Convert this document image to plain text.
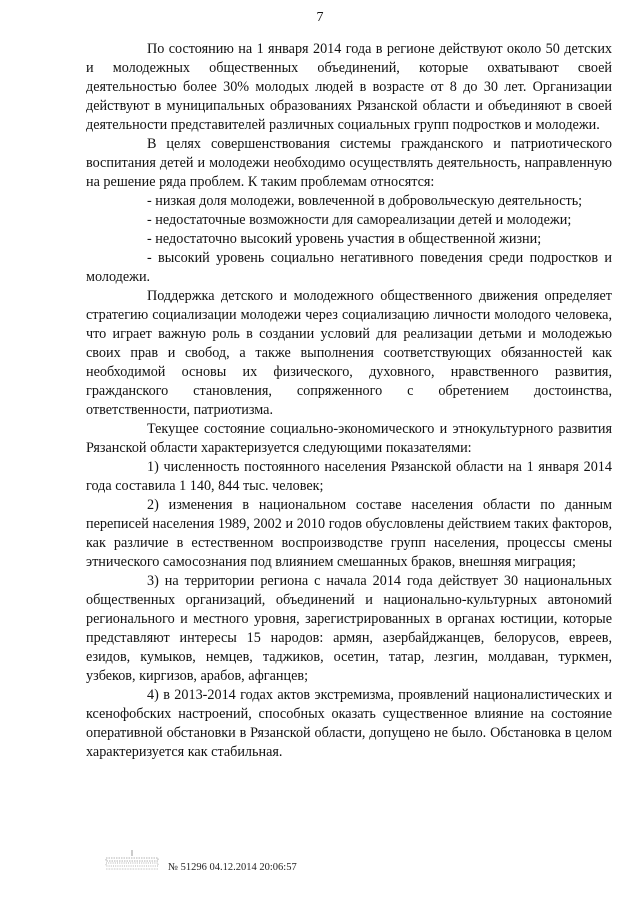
7

По состоянию на 1 января 2014 года в регионе действуют около 50 детских и молодежных общественных объединений, которые охватывают своей деятельностью более 30% молодых людей в возрасте от 8 до 30 лет. Организации действуют в муниципальных образованиях Рязанской области и объединяют в своей деятельности представителей различных социальных групп подростков и молодежи.

В целях совершенствования системы гражданского и патриотического воспитания детей и молодежи необходимо осуществлять деятельность, направленную на решение ряда проблем. К таким проблемам относятся:

- низкая доля молодежи, вовлеченной в добровольческую деятельность;

- недостаточные возможности для самореализации детей и молодежи;

- недостаточно высокий уровень участия в общественной жизни;

- высокий уровень социально негативного поведения среди подростков и молодежи.

Поддержка детского и молодежного общественного движения определяет стратегию социализации молодежи через социализацию личности молодого человека, что играет важную роль в создании условий для реализации детьми и молодежью своих прав и свобод, а также выполнения соответствующих обязанностей как необходимой основы их физического, духовного, нравственного развития, гражданского становления, сопряженного с обретением достоинства, ответственности, патриотизма.

Текущее состояние социально-экономического и этнокультурного развития Рязанской области характеризуется следующими показателями:

1) численность постоянного населения Рязанской области на 1 января 2014 года составила 1 140, 844 тыс. человек;

2) изменения в национальном составе населения области по данным переписей населения 1989, 2002 и 2010 годов обусловлены действием таких факторов, как различие в естественном воспроизводстве групп населения, процессы смены этнического самосознания под влиянием смешанных браков, внешняя миграция;

3) на территории региона с начала 2014 года действует 30 национальных общественных организаций, объединений и национально-культурных автономий регионального и местного уровня, зарегистрированных в органах юстиции, которые представляют интересы 15 народов: армян, азербайджанцев, белорусов, евреев, езидов, кумыков, немцев, таджиков, осетин, татар, лезгин, молдаван, туркмен, узбеков, киргизов, арабов, афганцев;

4) в 2013-2014 годах актов экстремизма, проявлений националистических и ксенофобских настроений, способных оказать существенное влияние на состояние оперативной обстановки в Рязанской области, допущено не было. Обстановка в целом характеризуется как стабильная.

№ 51296 04.12.2014 20:06:57
